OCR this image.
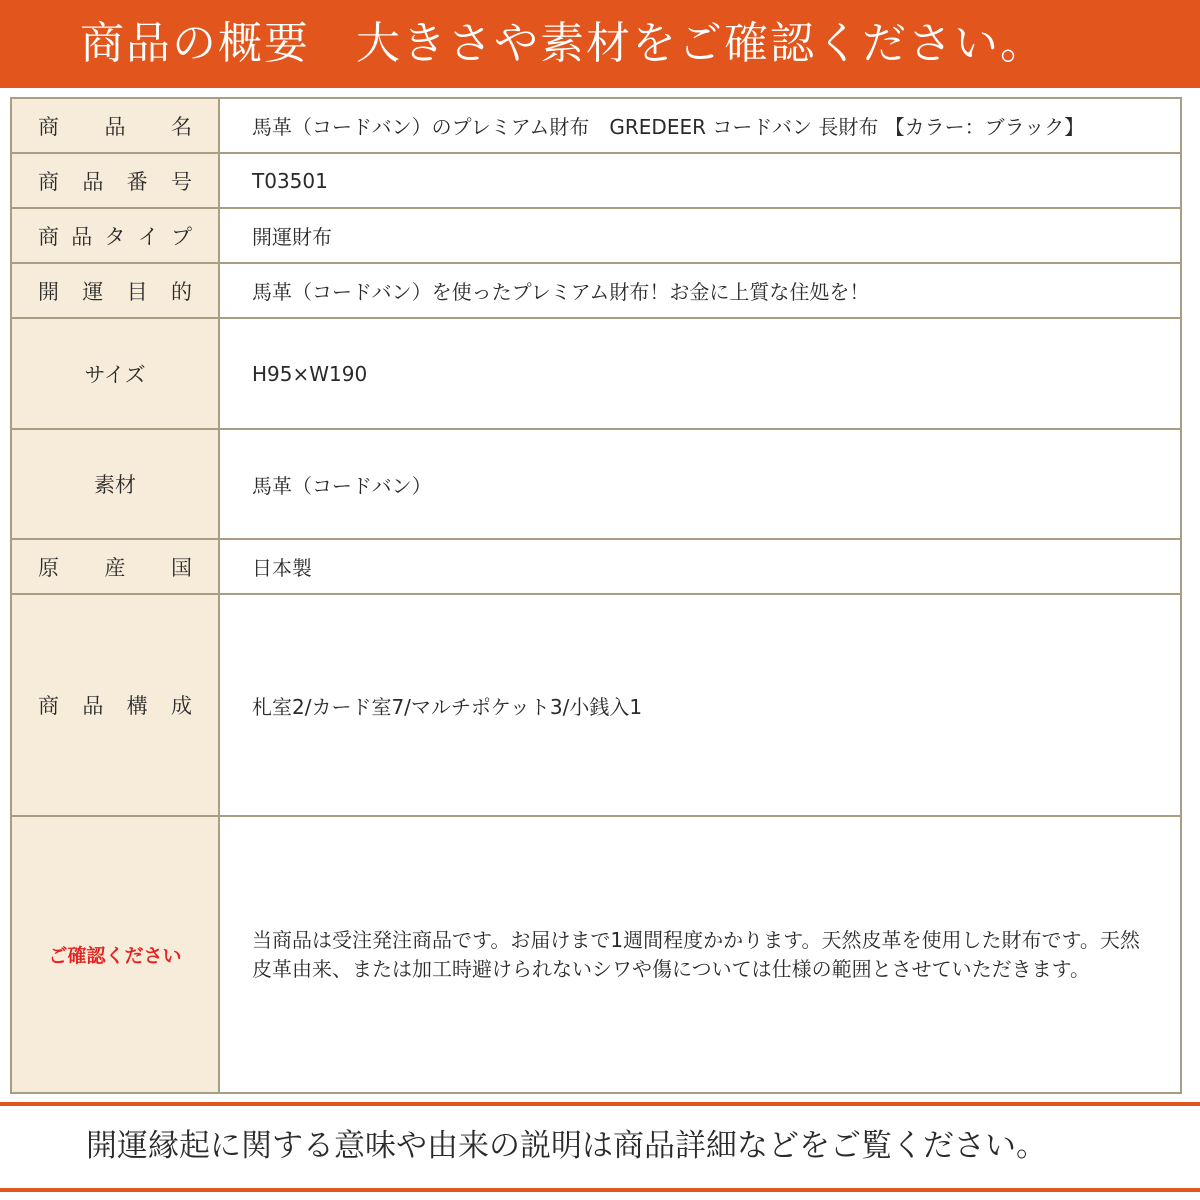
商品の概要　大きさや素材をご確認ください。
商 品 名	馬革（コードバン）のプレミアム財布　GREDEER コードバン 長財布 【カラー：ブラック】

商 品 番 号	T03501

商 品 タ イ プ	開運財布

開 運 目 的	馬革（コードバン）を使ったプレミアム財布！お金に上質な住処を！

サイズ	H95×W190

素材	馬革（コードバン）

原 産 国	日本製

商 品 構 成	札室2/カード室7/マルチポケット3/小銭入1

ご確認ください	当商品は受注発注商品です。お届けまで1週間程度かかります。天然皮革を使用した財布です。天然皮革由来、または加工時避けられないシワや傷については仕様の範囲とさせていただきます。
開運縁起に関する意味や由来の説明は商品詳細などをご覧ください。
